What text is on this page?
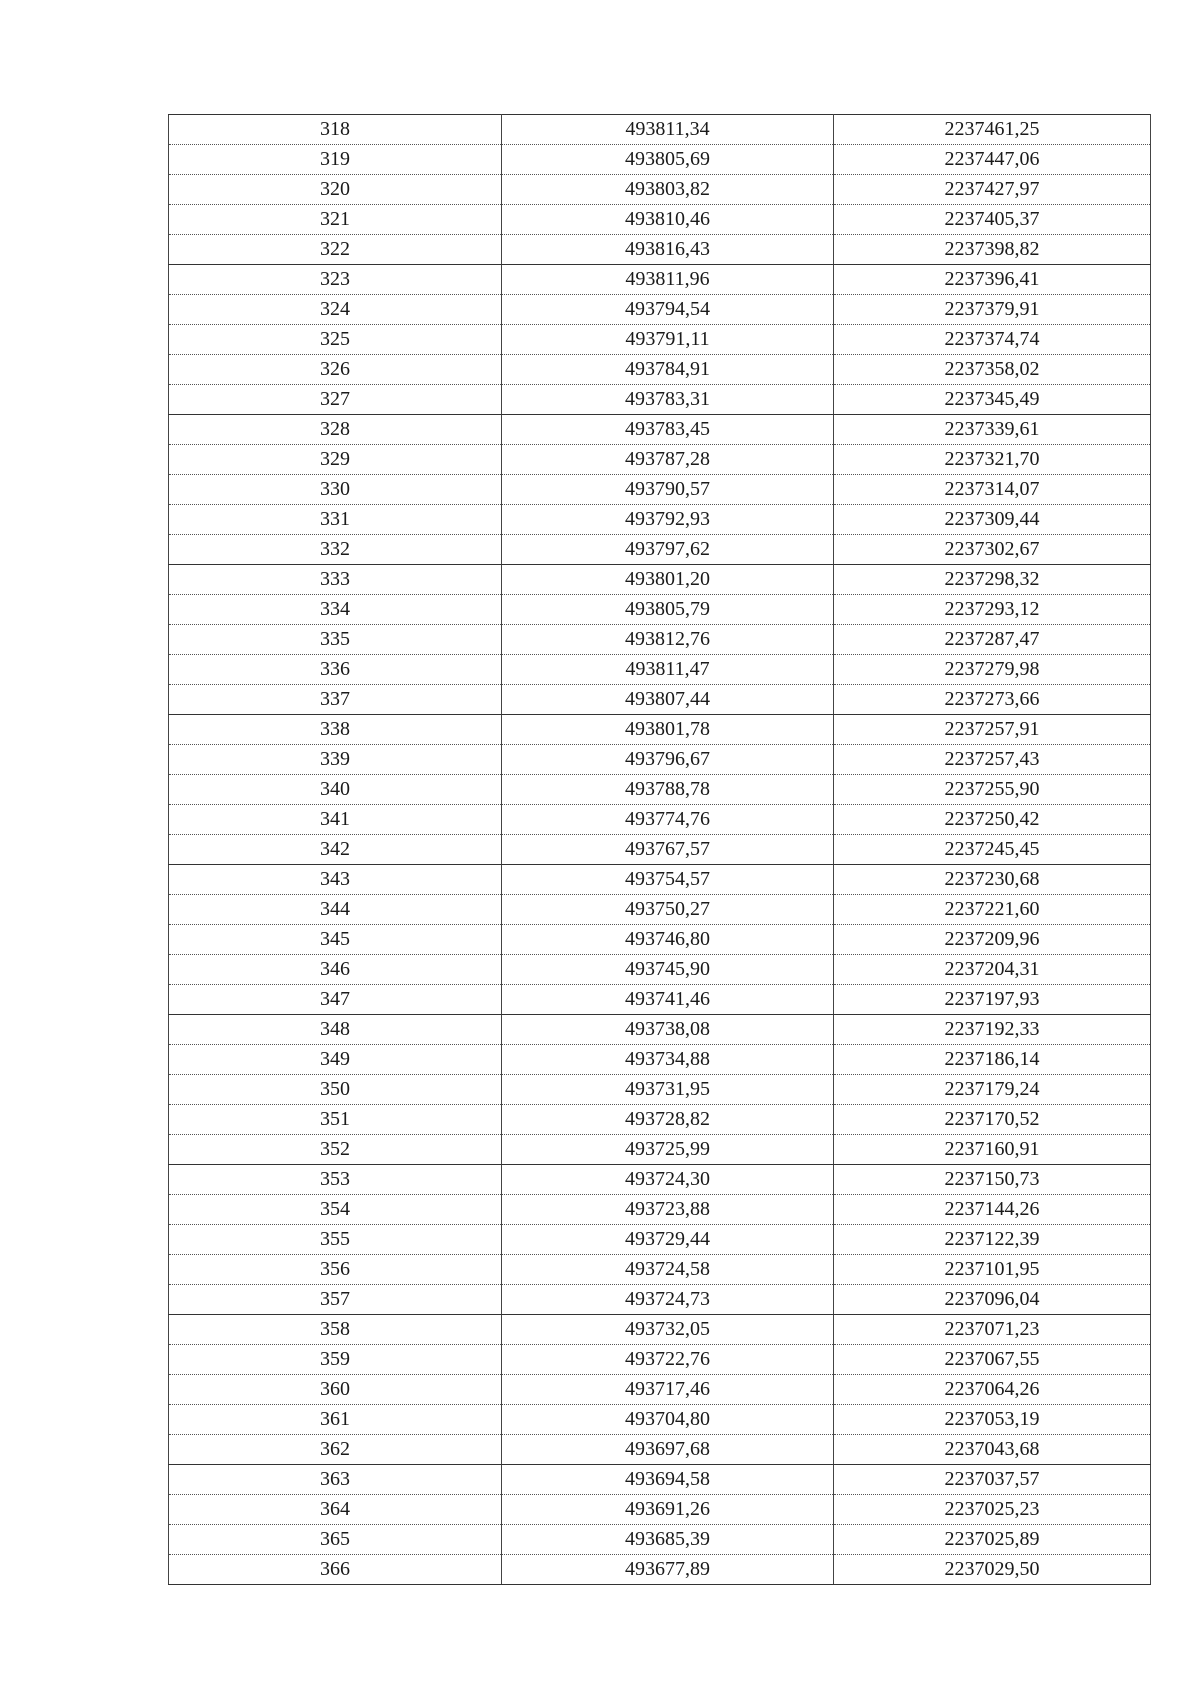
318	493811,34	2237461,25
319	493805,69	2237447,06
320	493803,82	2237427,97
321	493810,46	2237405,37
322	493816,43	2237398,82
323	493811,96	2237396,41
324	493794,54	2237379,91
325	493791,11	2237374,74
326	493784,91	2237358,02
327	493783,31	2237345,49
328	493783,45	2237339,61
329	493787,28	2237321,70
330	493790,57	2237314,07
331	493792,93	2237309,44
332	493797,62	2237302,67
333	493801,20	2237298,32
334	493805,79	2237293,12
335	493812,76	2237287,47
336	493811,47	2237279,98
337	493807,44	2237273,66
338	493801,78	2237257,91
339	493796,67	2237257,43
340	493788,78	2237255,90
341	493774,76	2237250,42
342	493767,57	2237245,45
343	493754,57	2237230,68
344	493750,27	2237221,60
345	493746,80	2237209,96
346	493745,90	2237204,31
347	493741,46	2237197,93
348	493738,08	2237192,33
349	493734,88	2237186,14
350	493731,95	2237179,24
351	493728,82	2237170,52
352	493725,99	2237160,91
353	493724,30	2237150,73
354	493723,88	2237144,26
355	493729,44	2237122,39
356	493724,58	2237101,95
357	493724,73	2237096,04
358	493732,05	2237071,23
359	493722,76	2237067,55
360	493717,46	2237064,26
361	493704,80	2237053,19
362	493697,68	2237043,68
363	493694,58	2237037,57
364	493691,26	2237025,23
365	493685,39	2237025,89
366	493677,89	2237029,50
